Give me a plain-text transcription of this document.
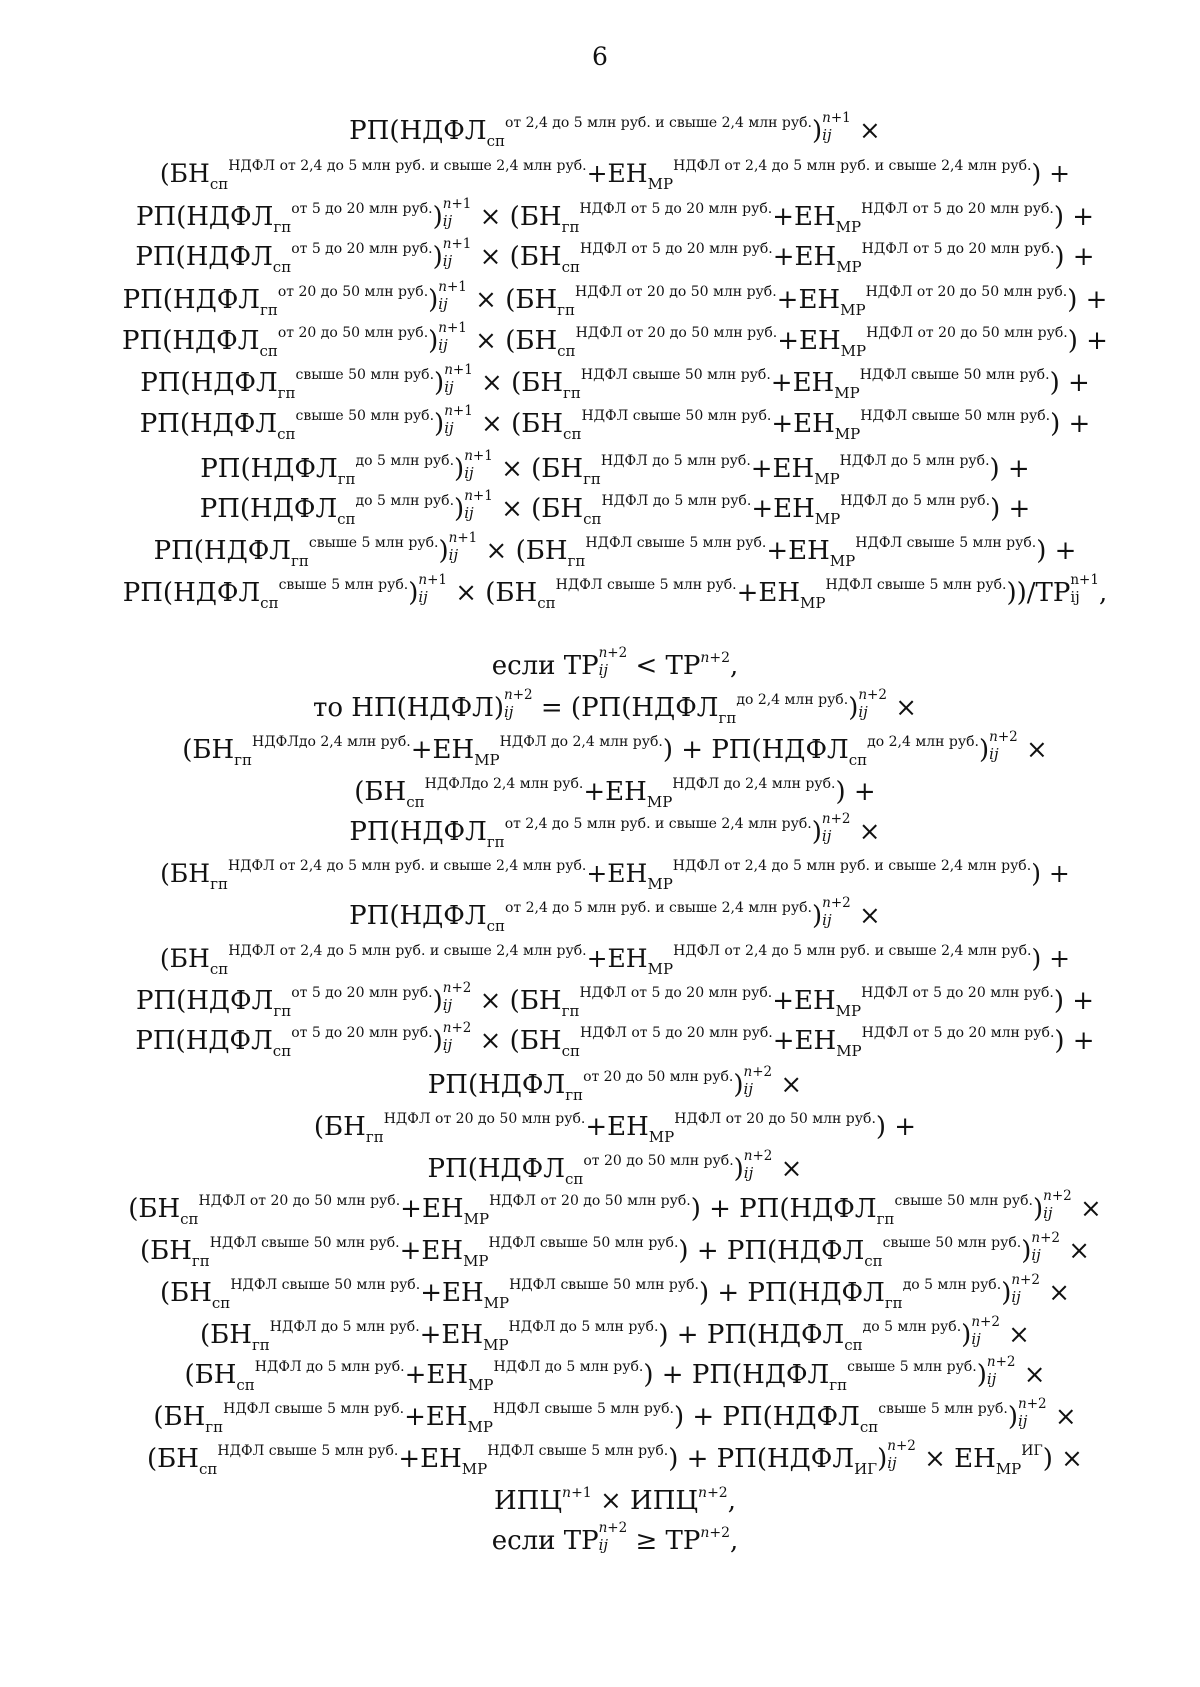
6
$РП(НДФЛ_{сп}^{от 2,4 до 5 млн руб. и свыше 2,4 млн руб.})$ n+1
ij ×
$(БН_{сп}^{НДФЛ от 2,4 до 5 млн руб. и свыше 2,4 млн руб.}+ЕН_{МР}^{НДФЛ от 2,4 до 5 млн руб. и свыше 2,4 млн руб.})$ +
$РП(НДФЛ_{гп}^{от 5 до 20 млн руб.})$ n+1
ij × $(БН_{гп}^{НДФЛ от 5 до 20 млн руб.}+ЕН_{МР}^{НДФЛ от 5 до 20 млн руб.})$ +
$РП(НДФЛ_{сп}^{от 5 до 20 млн руб.})$ n+1
ij × $(БН_{сп}^{НДФЛ от 5 до 20 млн руб.}+ЕН_{МР}^{НДФЛ от 5 до 20 млн руб.})$ +
$РП(НДФЛ_{гп}^{от 20 до 50 млн руб.})$ n+1
ij × $(БН_{гп}^{НДФЛ от 20 до 50 млн руб.}+ЕН_{МР}^{НДФЛ от 20 до 50 млн руб.})$ +
$РП(НДФЛ_{сп}^{от 20 до 50 млн руб.})$ n+1
ij × $(БН_{сп}^{НДФЛ от 20 до 50 млн руб.}+ЕН_{МР}^{НДФЛ от 20 до 50 млн руб.})$ +
$РП(НДФЛ_{гп}^{свыше 50 млн руб.})$ n+1
ij × $(БН_{гп}^{НДФЛ свыше 50 млн руб.}+ЕН_{МР}^{НДФЛ свыше 50 млн руб.})$ +
$РП(НДФЛ_{сп}^{свыше 50 млн руб.})$ n+1
ij × $(БН_{сп}^{НДФЛ свыше 50 млн руб.}+ЕН_{МР}^{НДФЛ свыше 50 млн руб.})$ +
$РП(НДФЛ_{гп}^{до 5 млн руб.})$ n+1
ij × $(БН_{гп}^{НДФЛ до 5 млн руб.}+ЕН_{МР}^{НДФЛ до 5 млн руб.})$ +
$РП(НДФЛ_{сп}^{до 5 млн руб.})$ n+1
ij × $(БН_{сп}^{НДФЛ до 5 млн руб.}+ЕН_{МР}^{НДФЛ до 5 млн руб.})$ +
$РП(НДФЛ_{гп}^{свыше 5 млн руб.})$ n+1
ij × $(БН_{гп}^{НДФЛ свыше 5 млн руб.}+ЕН_{МР}^{НДФЛ свыше 5 млн руб.})$ +
$РП(НДФЛ_{сп}^{свыше 5 млн руб.})$ n+1
ij × $(БН_{сп}^{НДФЛ свыше 5 млн руб.}+ЕН_{МР}^{НДФЛ свыше 5 млн руб.}))/ТР$ n+1
ij ,
если ТР n+2
ij < $ТР^{n+2}$,
то НП(НДФЛ) n+2
ij = ($РП(НДФЛ_{гп}^{до 2,4 млн руб.})$ n+2
ij ×
$(БН_{гп}^{НДФЛдо 2,4 млн руб.}+ЕН_{МР}^{НДФЛ до 2,4 млн руб.})$ + $РП(НДФЛ_{сп}^{до 2,4 млн руб.})$ n+2
ij ×
$(БН_{сп}^{НДФЛдо 2,4 млн руб.}+ЕН_{МР}^{НДФЛ до 2,4 млн руб.})$ +
$РП(НДФЛ_{гп}^{от 2,4 до 5 млн руб. и свыше 2,4 млн руб.})$ n+2
ij ×
$(БН_{гп}^{НДФЛ от 2,4 до 5 млн руб. и свыше 2,4 млн руб.}+ЕН_{МР}^{НДФЛ от 2,4 до 5 млн руб. и свыше 2,4 млн руб.})$ +
$РП(НДФЛ_{сп}^{от 2,4 до 5 млн руб. и свыше 2,4 млн руб.})$ n+2
ij ×
$(БН_{сп}^{НДФЛ от 2,4 до 5 млн руб. и свыше 2,4 млн руб.}+ЕН_{МР}^{НДФЛ от 2,4 до 5 млн руб. и свыше 2,4 млн руб.})$ +
$РП(НДФЛ_{гп}^{от 5 до 20 млн руб.})$ n+2
ij × $(БН_{гп}^{НДФЛ от 5 до 20 млн руб.}+ЕН_{МР}^{НДФЛ от 5 до 20 млн руб.})$ +
$РП(НДФЛ_{сп}^{от 5 до 20 млн руб.})$ n+2
ij × $(БН_{сп}^{НДФЛ от 5 до 20 млн руб.}+ЕН_{МР}^{НДФЛ от 5 до 20 млн руб.})$ +
$РП(НДФЛ_{гп}^{от 20 до 50 млн руб.})$ n+2
ij ×
$(БН_{гп}^{НДФЛ от 20 до 50 млн руб.}+ЕН_{МР}^{НДФЛ от 20 до 50 млн руб.})$ +
$РП(НДФЛ_{сп}^{от 20 до 50 млн руб.})$ n+2
ij ×
$(БН_{сп}^{НДФЛ от 20 до 50 млн руб.}+ЕН_{МР}^{НДФЛ от 20 до 50 млн руб.})$ + $РП(НДФЛ_{гп}^{свыше 50 млн руб.})$ n+2
ij ×
$(БН_{гп}^{НДФЛ свыше 50 млн руб.}+ЕН_{МР}^{НДФЛ свыше 50 млн руб.})$ + $РП(НДФЛ_{сп}^{свыше 50 млн руб.})$ n+2
ij ×
$(БН_{сп}^{НДФЛ свыше 50 млн руб.}+ЕН_{МР}^{НДФЛ свыше 50 млн руб.})$ + $РП(НДФЛ_{гп}^{до 5 млн руб.})$ n+2
ij ×
$(БН_{гп}^{НДФЛ до 5 млн руб.}+ЕН_{МР}^{НДФЛ до 5 млн руб.})$ + $РП(НДФЛ_{сп}^{до 5 млн руб.})$ n+2
ij ×
$(БН_{сп}^{НДФЛ до 5 млн руб.}+ЕН_{МР}^{НДФЛ до 5 млн руб.})$ + $РП(НДФЛ_{гп}^{свыше 5 млн руб.})$ n+2
ij ×
$(БН_{гп}^{НДФЛ свыше 5 млн руб.}+ЕН_{МР}^{НДФЛ свыше 5 млн руб.})$ + $РП(НДФЛ_{сп}^{свыше 5 млн руб.})$ n+2
ij ×
$(БН_{сп}^{НДФЛ свыше 5 млн руб.}+ЕН_{МР}^{НДФЛ свыше 5 млн руб.})$ + $РП(НДФЛ_{ИГ})$ n+2
ij × $ЕН_{МР}^{ИГ}$) ×
$ИПЦ^{n+1} \times ИПЦ^{n+2}$,
если ТР n+2
ij ≥ $ТР^{n+2}$,
